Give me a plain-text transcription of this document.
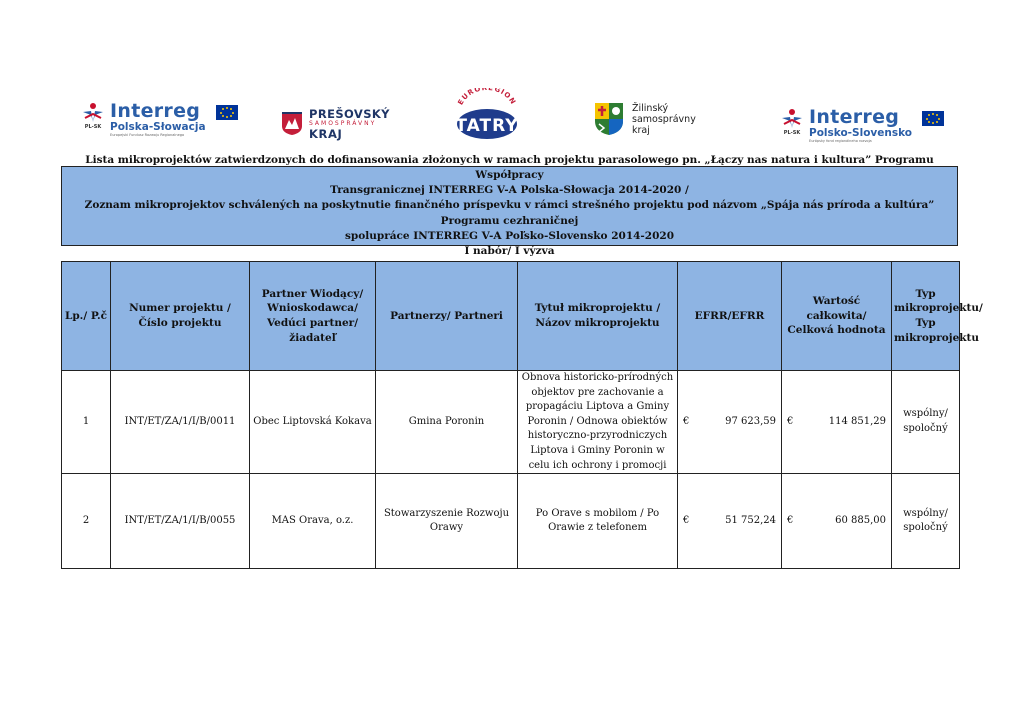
PL-SK
Interreg
Polska-Słowacja
Europejski Fundusz Rozwoju Regionalnego
PREŠOVSKÝ
SAMOSPRÁVNY
KRAJ
EUROREGION
TATRY
Žilinský
samosprávny
kraj	PL-SK
Interreg
Polsko-Slovensko
Európsky fond regionálneho rozvoja
Lista mikroprojektów zatwierdzonych do dofinansowania złożonych w ramach projektu parasolowego pn. „Łączy nas natura i kultura” Programu Współpracy
Transgranicznej INTERREG V-A Polska-Słowacja 2014-2020 /
Zoznam mikroprojektov schválených na poskytnutie finančného príspevku v rámci strešného projektu pod názvom „Spája nás príroda a kultúra” Programu cezhraničnej
spolupráce INTERREG V-A Poľsko-Slovensko 2014-2020
I nabór/ I výzva
Lp./ P.č	Numer projektu / Číslo projektu	Partner Wiodący/ Wnioskodawca/ Vedúci partner/žiadateľ	Partnerzy/ Partneri	Tytuł mikroprojektu / Názov mikroprojektu	EFRR/EFRR	Wartość całkowita/ Celková hodnota	Typ mikroprojektu/ Typ mikroprojektu
1	INT/ET/ZA/1/I/B/0011	Obec Liptovská Kokava	Gmina Poronin	Obnova historicko-prírodných objektov pre zachovanie a propagáciu Liptova a Gminy Poronin / Odnowa obiektów historyczno-przyrodniczych Liptova i Gminy Poronin w celu ich ochrony i promocji	€ 97 623,59	€ 114 851,29	wspólny/ spoločný
2	INT/ET/ZA/1/I/B/0055	MAS Orava, o.z.	Stowarzyszenie Rozwoju Orawy	Po Orave s mobilom / Po Orawie z telefonem	€ 51 752,24	€ 60 885,00	wspólny/ spoločný
